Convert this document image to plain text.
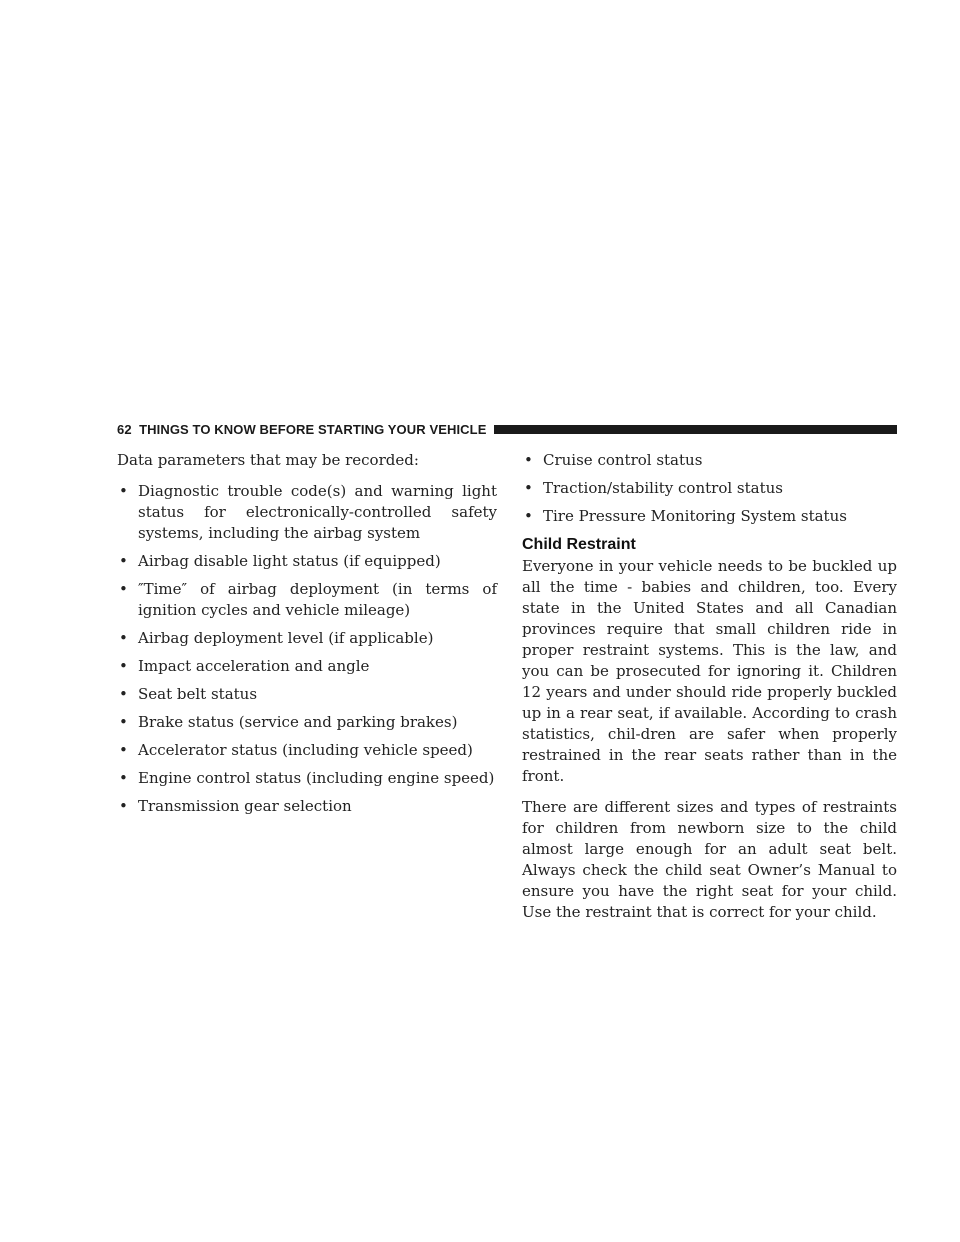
62 THINGS TO KNOW BEFORE STARTING YOUR VEHICLE

Data parameters that may be recorded:

• Diagnostic trouble code(s) and warning light status for electronically-controlled safety systems, including the airbag system
• Airbag disable light status (if equipped)
• ″Time″ of airbag deployment (in terms of ignition cycles and vehicle mileage)
• Airbag deployment level (if applicable)
• Impact acceleration and angle
• Seat belt status
• Brake status (service and parking brakes)
• Accelerator status (including vehicle speed)
• Engine control status (including engine speed)
• Transmission gear selection
• Cruise control status
• Traction/stability control status
• Tire Pressure Monitoring System status
Child Restraint

Everyone in your vehicle needs to be buckled up all the time - babies and children, too. Every state in the United States and all Canadian provinces require that small children ride in proper restraint systems. This is the law, and you can be prosecuted for ignoring it. Children 12 years and under should ride properly buckled up in a rear seat, if available. According to crash statistics, chil-dren are safer when properly restrained in the rear seats rather than in the front.

There are different sizes and types of restraints for children from newborn size to the child almost large enough for an adult seat belt. Always check the child seat Owner’s Manual to ensure you have the right seat for your child. Use the restraint that is correct for your child.
